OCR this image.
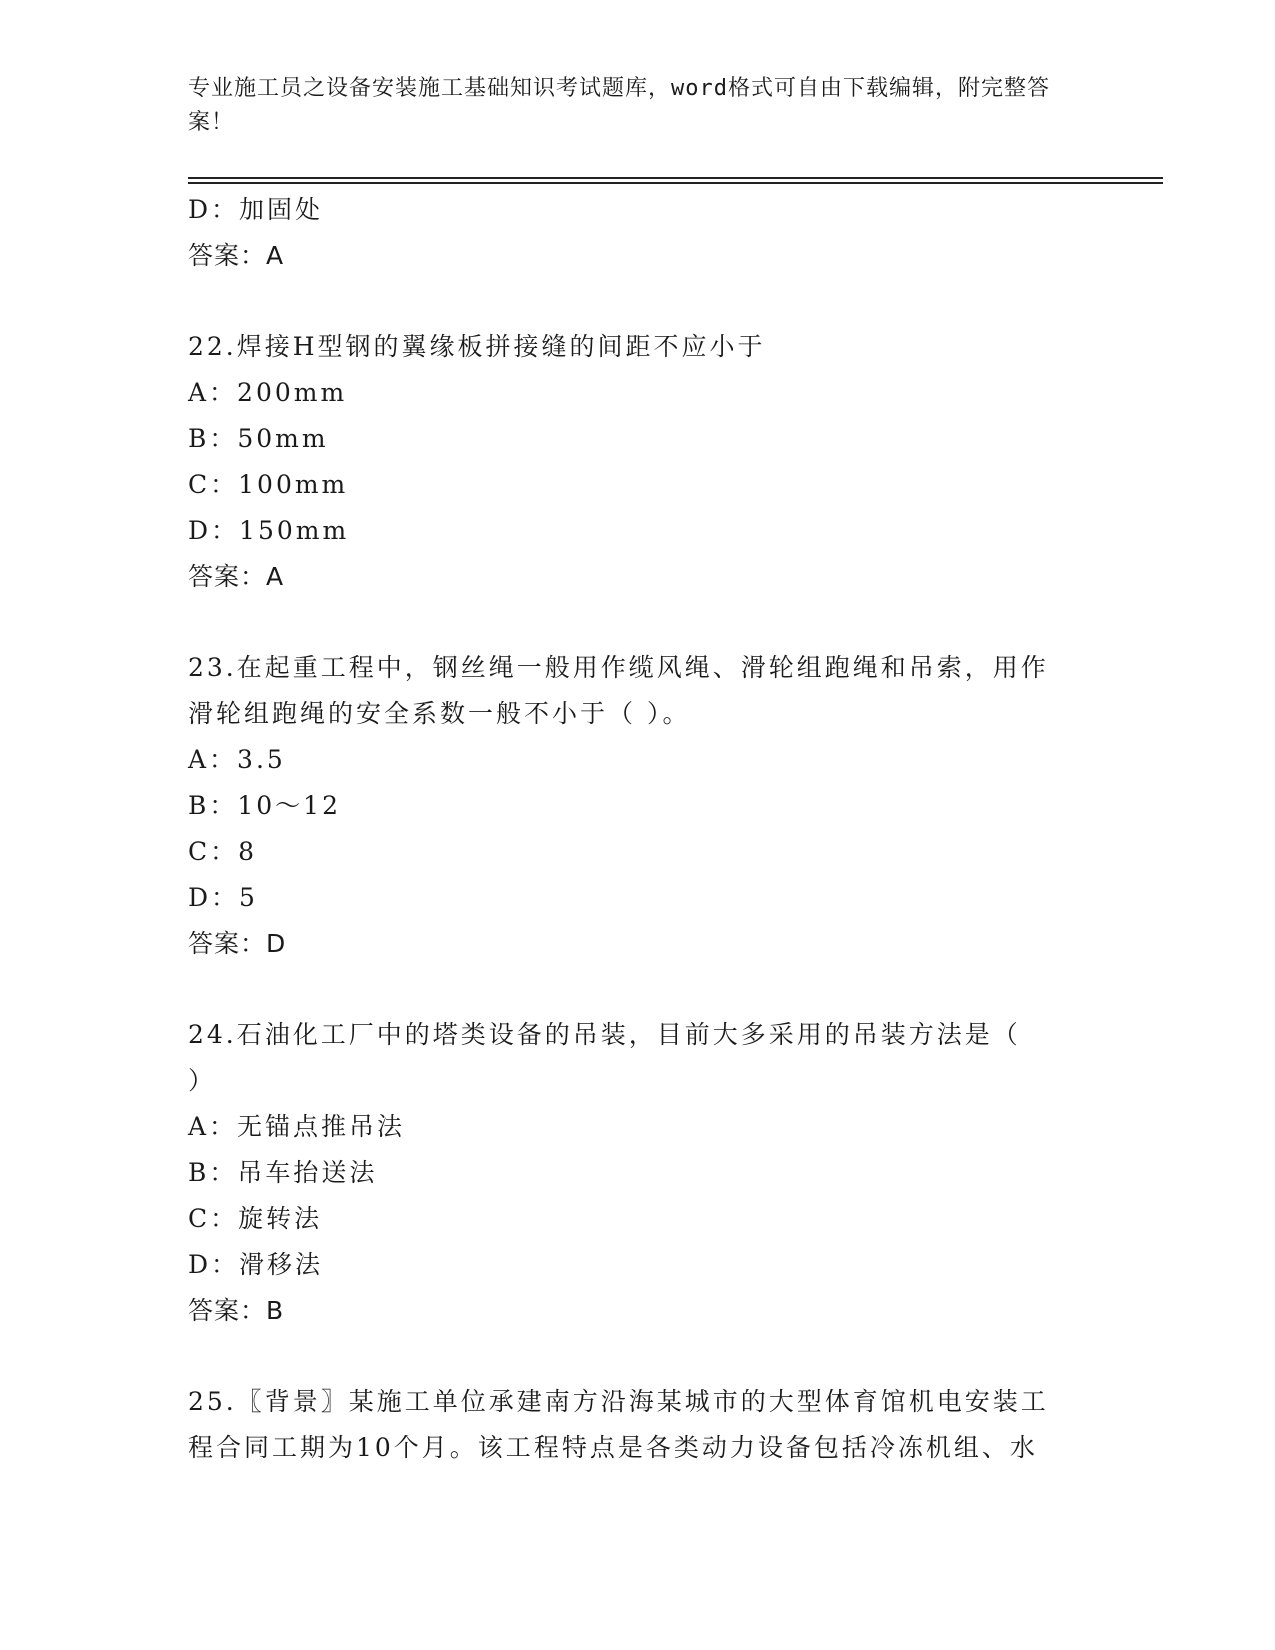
专业施工员之设备安装施工基础知识考试题库，word格式可自由下载编辑，附完整答案！
D：加固处
答案：A
22.焊接H型钢的翼缘板拼接缝的间距不应小于
A：200mm
B：50mm
C：100mm
D：150mm
答案：A
23.在起重工程中，钢丝绳一般用作缆风绳、滑轮组跑绳和吊索，用作
滑轮组跑绳的安全系数一般不小于（ ）。
A：3.5
B：10～12
C：8
D：5
答案：D
24.石油化工厂中的塔类设备的吊装，目前大多采用的吊装方法是（
）
A：无锚点推吊法
B：吊车抬送法
C：旋转法
D：滑移法
答案：B
25.〖背景〗某施工单位承建南方沿海某城市的大型体育馆机电安装工
程合同工期为10个月。该工程特点是各类动力设备包括冷冻机组、水
